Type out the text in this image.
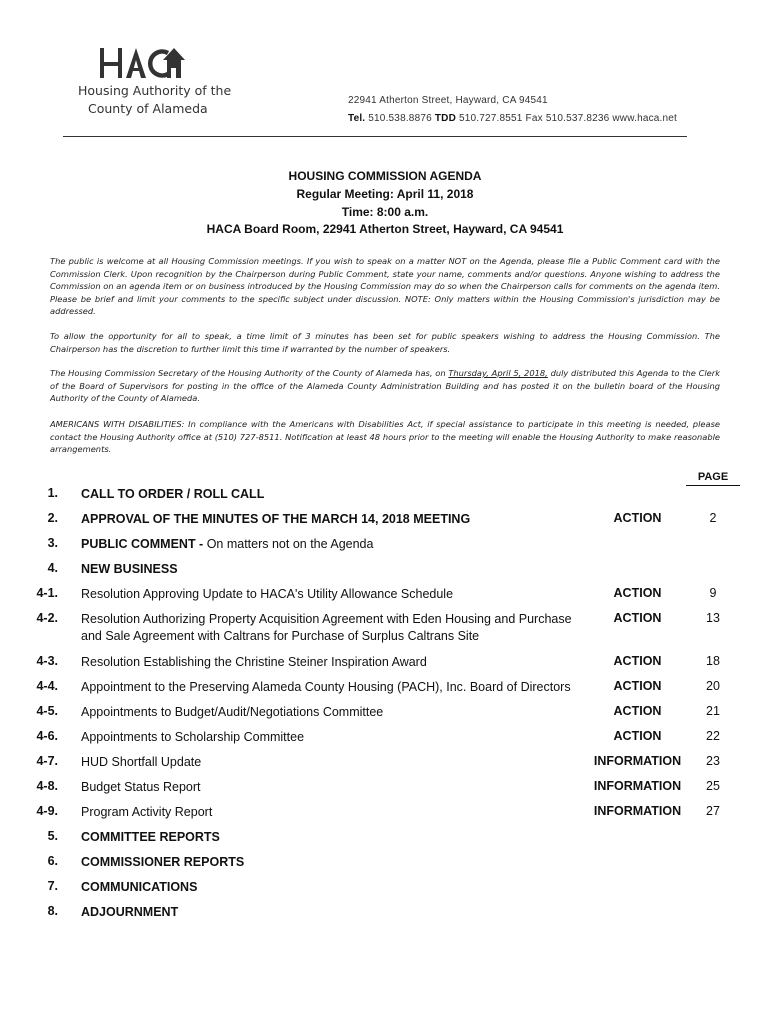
Housing Authority of the
County of Alameda
22941 Atherton Street, Hayward, CA 94541
Tel. 510.538.8876 TDD 510.727.8551 Fax 510.537.8236 www.haca.net
HOUSING COMMISSION AGENDA
Regular Meeting: April 11, 2018
Time: 8:00 a.m.
HACA Board Room, 22941 Atherton Street, Hayward, CA 94541
The public is welcome at all Housing Commission meetings. If you wish to speak on a matter NOT on the Agenda, please file a Public Comment card with the Commission Clerk. Upon recognition by the Chairperson during Public Comment, state your name, comments and/or questions. Anyone wishing to address the Commission on an agenda item or on business introduced by the Housing Commission may do so when the Chairperson calls for comments on the agenda item. Please be brief and limit your comments to the specific subject under discussion. NOTE: Only matters within the Housing Commission's jurisdiction may be addressed.
To allow the opportunity for all to speak, a time limit of 3 minutes has been set for public speakers wishing to address the Housing Commission. The Chairperson has the discretion to further limit this time if warranted by the number of speakers.
The Housing Commission Secretary of the Housing Authority of the County of Alameda has, on Thursday, April 5, 2018, duly distributed this Agenda to the Clerk of the Board of Supervisors for posting in the office of the Alameda County Administration Building and has posted it on the bulletin board of the Housing Authority of the County of Alameda.
AMERICANS WITH DISABILITIES: In compliance with the Americans with Disabilities Act, if special assistance to participate in this meeting is needed, please contact the Housing Authority office at (510) 727-8511. Notification at least 48 hours prior to the meeting will enable the Housing Authority to make reasonable arrangements.
PAGE
1. CALL TO ORDER / ROLL CALL
2. APPROVAL OF THE MINUTES OF THE MARCH 14, 2018 MEETING	ACTION	2
3. PUBLIC COMMENT - On matters not on the Agenda
4. NEW BUSINESS
4-1. Resolution Approving Update to HACA's Utility Allowance Schedule	ACTION	9
4-2. Resolution Authorizing Property Acquisition Agreement with Eden Housing and Purchase and Sale Agreement with Caltrans for Purchase of Surplus Caltrans Site
ACTION	13
4-3. Resolution Establishing the Christine Steiner Inspiration Award	ACTION	18
4-4. Appointment to the Preserving Alameda County Housing (PACH), Inc. Board of Directors	ACTION	20
4-5. Appointments to Budget/Audit/Negotiations Committee	ACTION	21
4-6. Appointments to Scholarship Committee	ACTION	22
4-7. HUD Shortfall Update	INFORMATION	23
4-8. Budget Status Report	INFORMATION	25
4-9. Program Activity Report	INFORMATION	27
5. COMMITTEE REPORTS
6. COMMISSIONER REPORTS
7. COMMUNICATIONS
8. ADJOURNMENT
